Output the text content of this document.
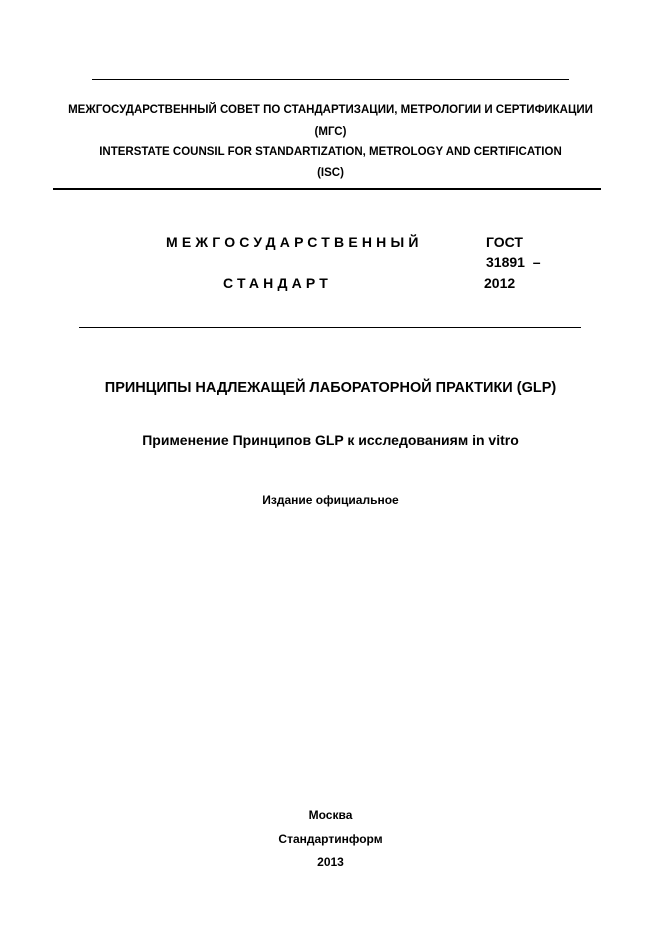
МЕЖГОСУДАРСТВЕННЫЙ СОВЕТ ПО СТАНДАРТИЗАЦИИ, МЕТРОЛОГИИ И СЕРТИФИКАЦИИ
(МГС)
INTERSTATE COUNSIL FOR STANDARTIZATION, METROLOGY AND CERTIFICATION
(ISC)
МЕЖГОСУДАРСТВЕННЫЙ
СТАНДАРТ
ГОСТ
31891  –
2012
ПРИНЦИПЫ НАДЛЕЖАЩЕЙ ЛАБОРАТОРНОЙ ПРАКТИКИ (GLP)
Применение Принципов GLP к исследованиям in vitro
Издание официальное
Москва
Стандартинформ
2013
